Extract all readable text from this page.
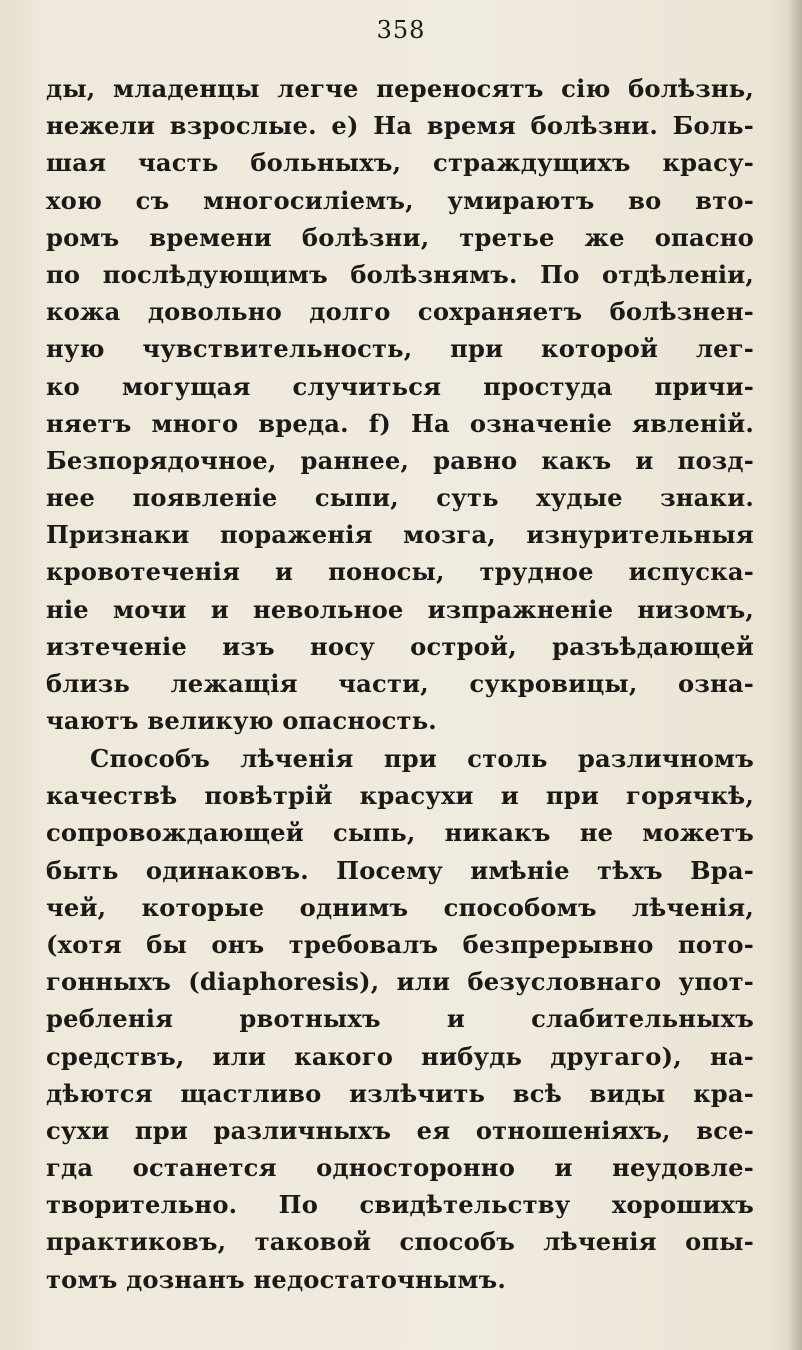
358
ды, младенцы легче переносятъ сію болѣзнь,
нежели взрослые. e) На время болѣзни. Боль-
шая часть больныхъ, страждущихъ красу-
хою съ многосиліемъ, умираютъ во вто-
ромъ времени болѣзни, третье же опасно
по послѣдующимъ болѣзнямъ. По отдѣленіи,
кожа довольно долго сохраняетъ болѣзнен-
ную чувствительность, при которой лег-
ко могущая случиться простуда причи-
няетъ много вреда. f) На означеніе явленій.
Безпорядочное, раннее, равно какъ и позд-
нее появленіе сыпи, суть худые знаки.
Признаки пораженія мозга, изнурительныя
кровотеченія и поносы, трудное испуска-
ніе мочи и невольное изпражненіе низомъ,
изтеченіе изъ носу острой, разъѣдающей
близь лежащія части, сукровицы, озна-
чаютъ великую опасность.
Способъ лѣченія при столь различномъ
качествѣ повѣтрій красухи и при горячкѣ,
сопровождающей сыпь, никакъ не можетъ
быть одинаковъ. Посему имѣніе тѣхъ Вра-
чей, которые однимъ способомъ лѣченія,
(хотя бы онъ требовалъ безпрерывно пото-
гонныхъ (diaphoresis), или безусловнаго упот-
ребленія рвотныхъ и слабительныхъ
средствъ, или какого нибудь другаго), на-
дѣются щастливо излѣчить всѣ виды кра-
сухи при различныхъ ея отношеніяхъ, все-
гда останется односторонно и неудовле-
творительно. По свидѣтельству хорошихъ
практиковъ, таковой способъ лѣченія опы-
томъ дознанъ недостаточнымъ.
